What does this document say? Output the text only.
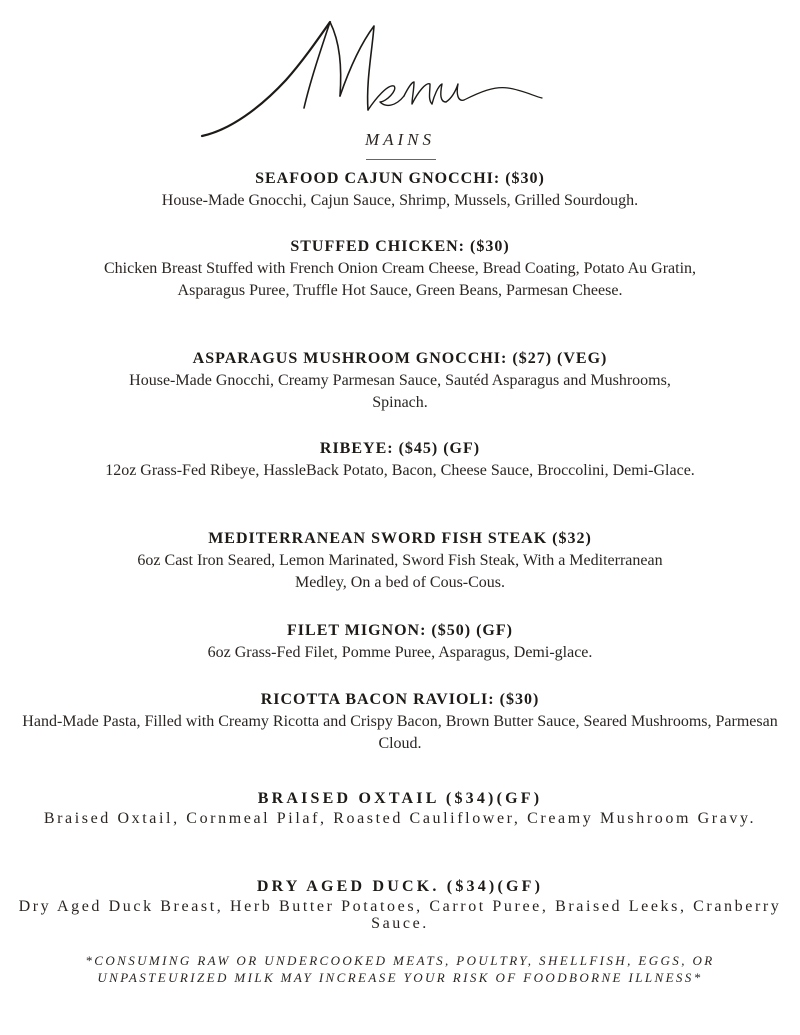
MAINS
SEAFOOD CAJUN GNOCCHI: ($30)
House-Made Gnocchi, Cajun Sauce, Shrimp, Mussels, Grilled Sourdough.
STUFFED CHICKEN: ($30)
Chicken Breast Stuffed with French Onion Cream Cheese, Bread Coating, Potato Au Gratin, Asparagus Puree, Truffle Hot Sauce, Green Beans, Parmesan Cheese.
ASPARAGUS MUSHROOM GNOCCHI: ($27) (VEG)
House-Made Gnocchi, Creamy Parmesan Sauce, Sautéd Asparagus and Mushrooms, Spinach.
RIBEYE: ($45) (GF)
12oz Grass-Fed Ribeye, HassleBack Potato, Bacon, Cheese Sauce, Broccolini, Demi-Glace.
MEDITERRANEAN SWORD FISH STEAK ($32)
6oz Cast Iron Seared, Lemon Marinated, Sword Fish Steak, With a Mediterranean Medley, On a bed of Cous-Cous.
FILET MIGNON: ($50) (GF)
6oz Grass-Fed Filet, Pomme Puree, Asparagus, Demi-glace.
RICOTTA BACON RAVIOLI: ($30)
Hand-Made Pasta, Filled with Creamy Ricotta and Crispy Bacon, Brown Butter Sauce, Seared Mushrooms, Parmesan Cloud.
BRAISED OXTAIL ($34)(GF)
Braised Oxtail, Cornmeal Pilaf, Roasted Cauliflower, Creamy Mushroom Gravy.
DRY AGED DUCK. ($34)(GF)
Dry Aged Duck Breast, Herb Butter Potatoes, Carrot Puree, Braised Leeks, Cranberry Sauce.
*CONSUMING RAW OR UNDERCOOKED MEATS, POULTRY, SHELLFISH, EGGS, OR UNPASTEURIZED MILK MAY INCREASE YOUR RISK OF FOODBORNE ILLNESS*
